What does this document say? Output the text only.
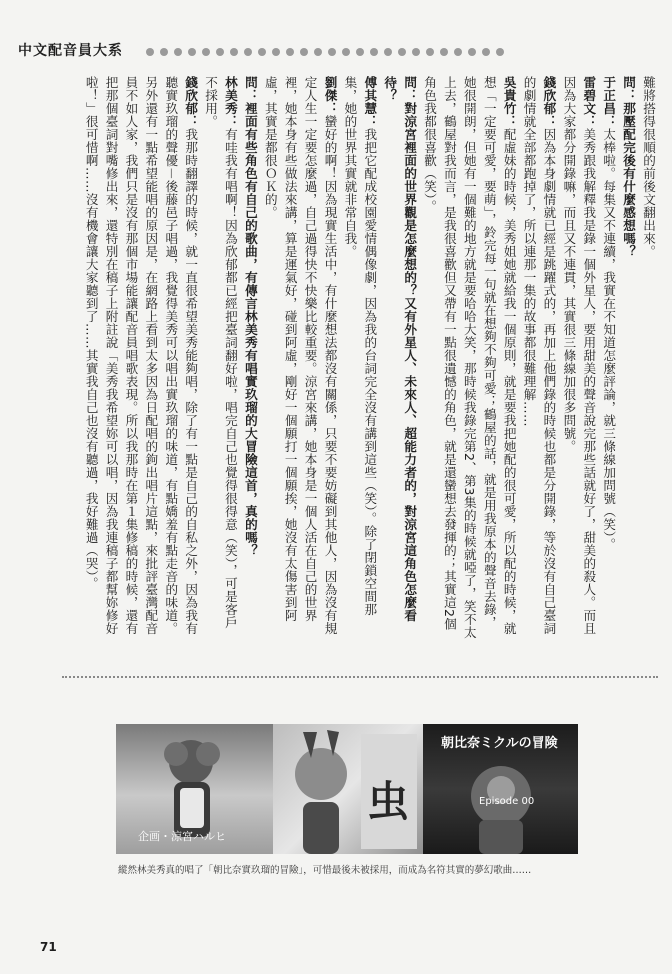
中文配音員大系
難將搭得很順的前後文翻出來。
問：那壓配完後有什麼感想嗎？
于正昌：太棒啦。每集又不連續，我實在不知道怎麼評論，就三條線加問號（笑）。
雷碧文：美秀跟我解釋我是錄一個外星人，要用甜美的聲音說完那些話就好了，甜美的殺人。而且因為大家都分開錄嘛，而且又不連貫，其實很三條線加很多問號。
錢欣郁：因為本身劇情就已經是跳躍式的，再加上他們錄的時候也都是分開錄，等於沒有自己臺詞的劇情就全部都跑掉了，所以連那一集的故事都很難理解……
吳貴竹：配虛妹的時候，美秀姐她就給我一個原則，就是要我把她配的很可愛，所以配的時候，就想「一定要可愛，要萌」，鈴完每一句就在想夠不夠可愛；鶴屋的話，就是用我原本的聲音去錄，她很開朗，但她有一個難的地方就是要哈哈大笑，那時候我錄完第2、第3集的時候就啞了，笑不太上去，鶴屋對我而言，是我很喜歡但又帶有一點很遺憾的角色，就是還蠻想去發揮的；其實這2個角色我都很喜歡（笑）。
問：對涼宮裡面的世界觀是怎麼想的？又有外星人、未來人、超能力者的，對涼宮這角色怎麼看待？
傅其慧：我把它配成校園愛情偶像劇，因為我的台詞完全沒有講到這些（笑）。除了閉鎖空間那集，她的世界其實就非常自我。
劉傑：蠻好的啊！因為現實生活中，有什麼想法都沒有關係，只要不要妨礙到其他人，因為沒有規定人生一定要怎麼過，自己過得快不快樂比較重要。涼宮來講，她本身是一個人活在自己的世界裡，她本身有些做法來講，算是運氣好，碰到阿虛，剛好一個願打一個願挨，她沒有太傷害到阿虛，其實是都很ＯＫ的。
問：裡面有些角色有自己的歌曲，有傳言林美秀有唱實玖瑠的大冒險這首，真的嗎？
林美秀：有哇我有唱啊！因為欣郁都已經把臺詞翻好啦，唱完自己也覺得很得意（笑），可是客戶不採用。
錢欣郁：我那時翻譯的時候，就一直很希望美秀能夠唱，除了有一點是自己的自私之外，因為我有聽實玖瑠的聲優－後藤邑子唱過，我覺得美秀可以唱出實玖瑠的味道，有點嬌羞有點走音的味道。另外還有一點希望能唱的原因是，在網路上看到太多因為日配唱的鉤出唱片這點，來批評臺灣配音員不如人家，我們只是沒有那個市場能讓配音員唱歌表現。所以我那時在第１集修稿的時候，還有把那個臺詞對嘴修出來，還特別在稿子上附註說「美秀我希望妳可以唱，因為我連稿子都幫妳修好啦！」很可惜啊……沒有機會讓大家聽到了……其實我自己也沒有聽過，我好難過（哭）。
企画・涼宮ハルヒ
虫
朝比奈ミクルの冒険
Episode 00
縱然林美秀真的唱了「朝比奈實玖瑠的冒險」，可惜最後未被採用，而成為名符其實的夢幻歌曲……
71
